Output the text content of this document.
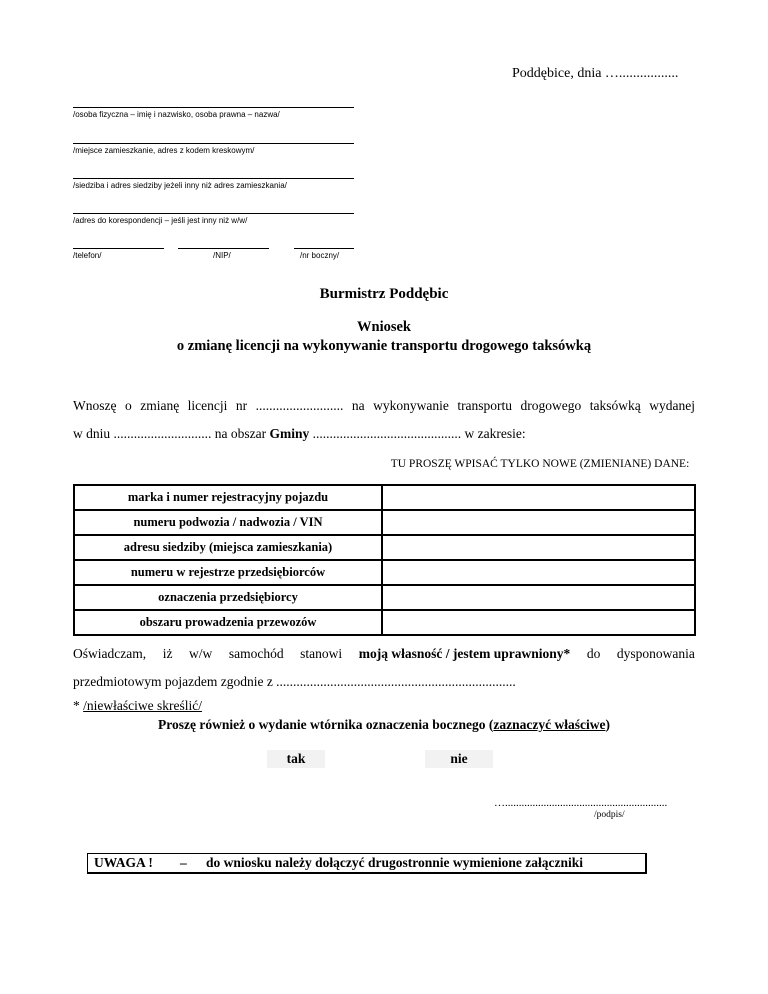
Poddębice, dnia ….................
/osoba fizyczna – imię i nazwisko, osoba prawna – nazwa/
/miejsce zamieszkanie, adres z kodem kreskowym/
/siedziba i adres siedziby jeżeli inny niż adres zamieszkania/
/adres do korespondencji – jeśli jest inny niż w/w/
/telefon/	/NIP/	/nr boczny/
Burmistrz Poddębic
Wniosek
o zmianę licencji na wykonywanie transportu drogowego taksówką
Wnoszę o zmianę licencji nr .......................... na wykonywanie transportu drogowego taksówką wydanej
w dniu ............................. na obszar Gminy ............................................ w zakresie:
TU PROSZĘ WPISAĆ TYLKO NOWE (ZMIENIANE) DANE:
marka i numer rejestracyjny pojazdu	
numeru podwozia / nadwozia / VIN	
adresu siedziby (miejsca zamieszkania)	
numeru w rejestrze przedsiębiorców	
oznaczenia przedsiębiorcy	
obszaru prowadzenia przewozów	
Oświadczam, iż w/w samochód stanowi moją własność / jestem uprawniony* do dysponowania
przedmiotowym pojazdem zgodnie z .......................................................................
* /niewłaściwe skreślić/
Proszę również o wydanie wtórnika oznaczenia bocznego (zaznaczyć właściwe)
tak	nie
…...........................................................
/podpis/
UWAGA ! – do wniosku należy dołączyć drugostronnie wymienione załączniki
